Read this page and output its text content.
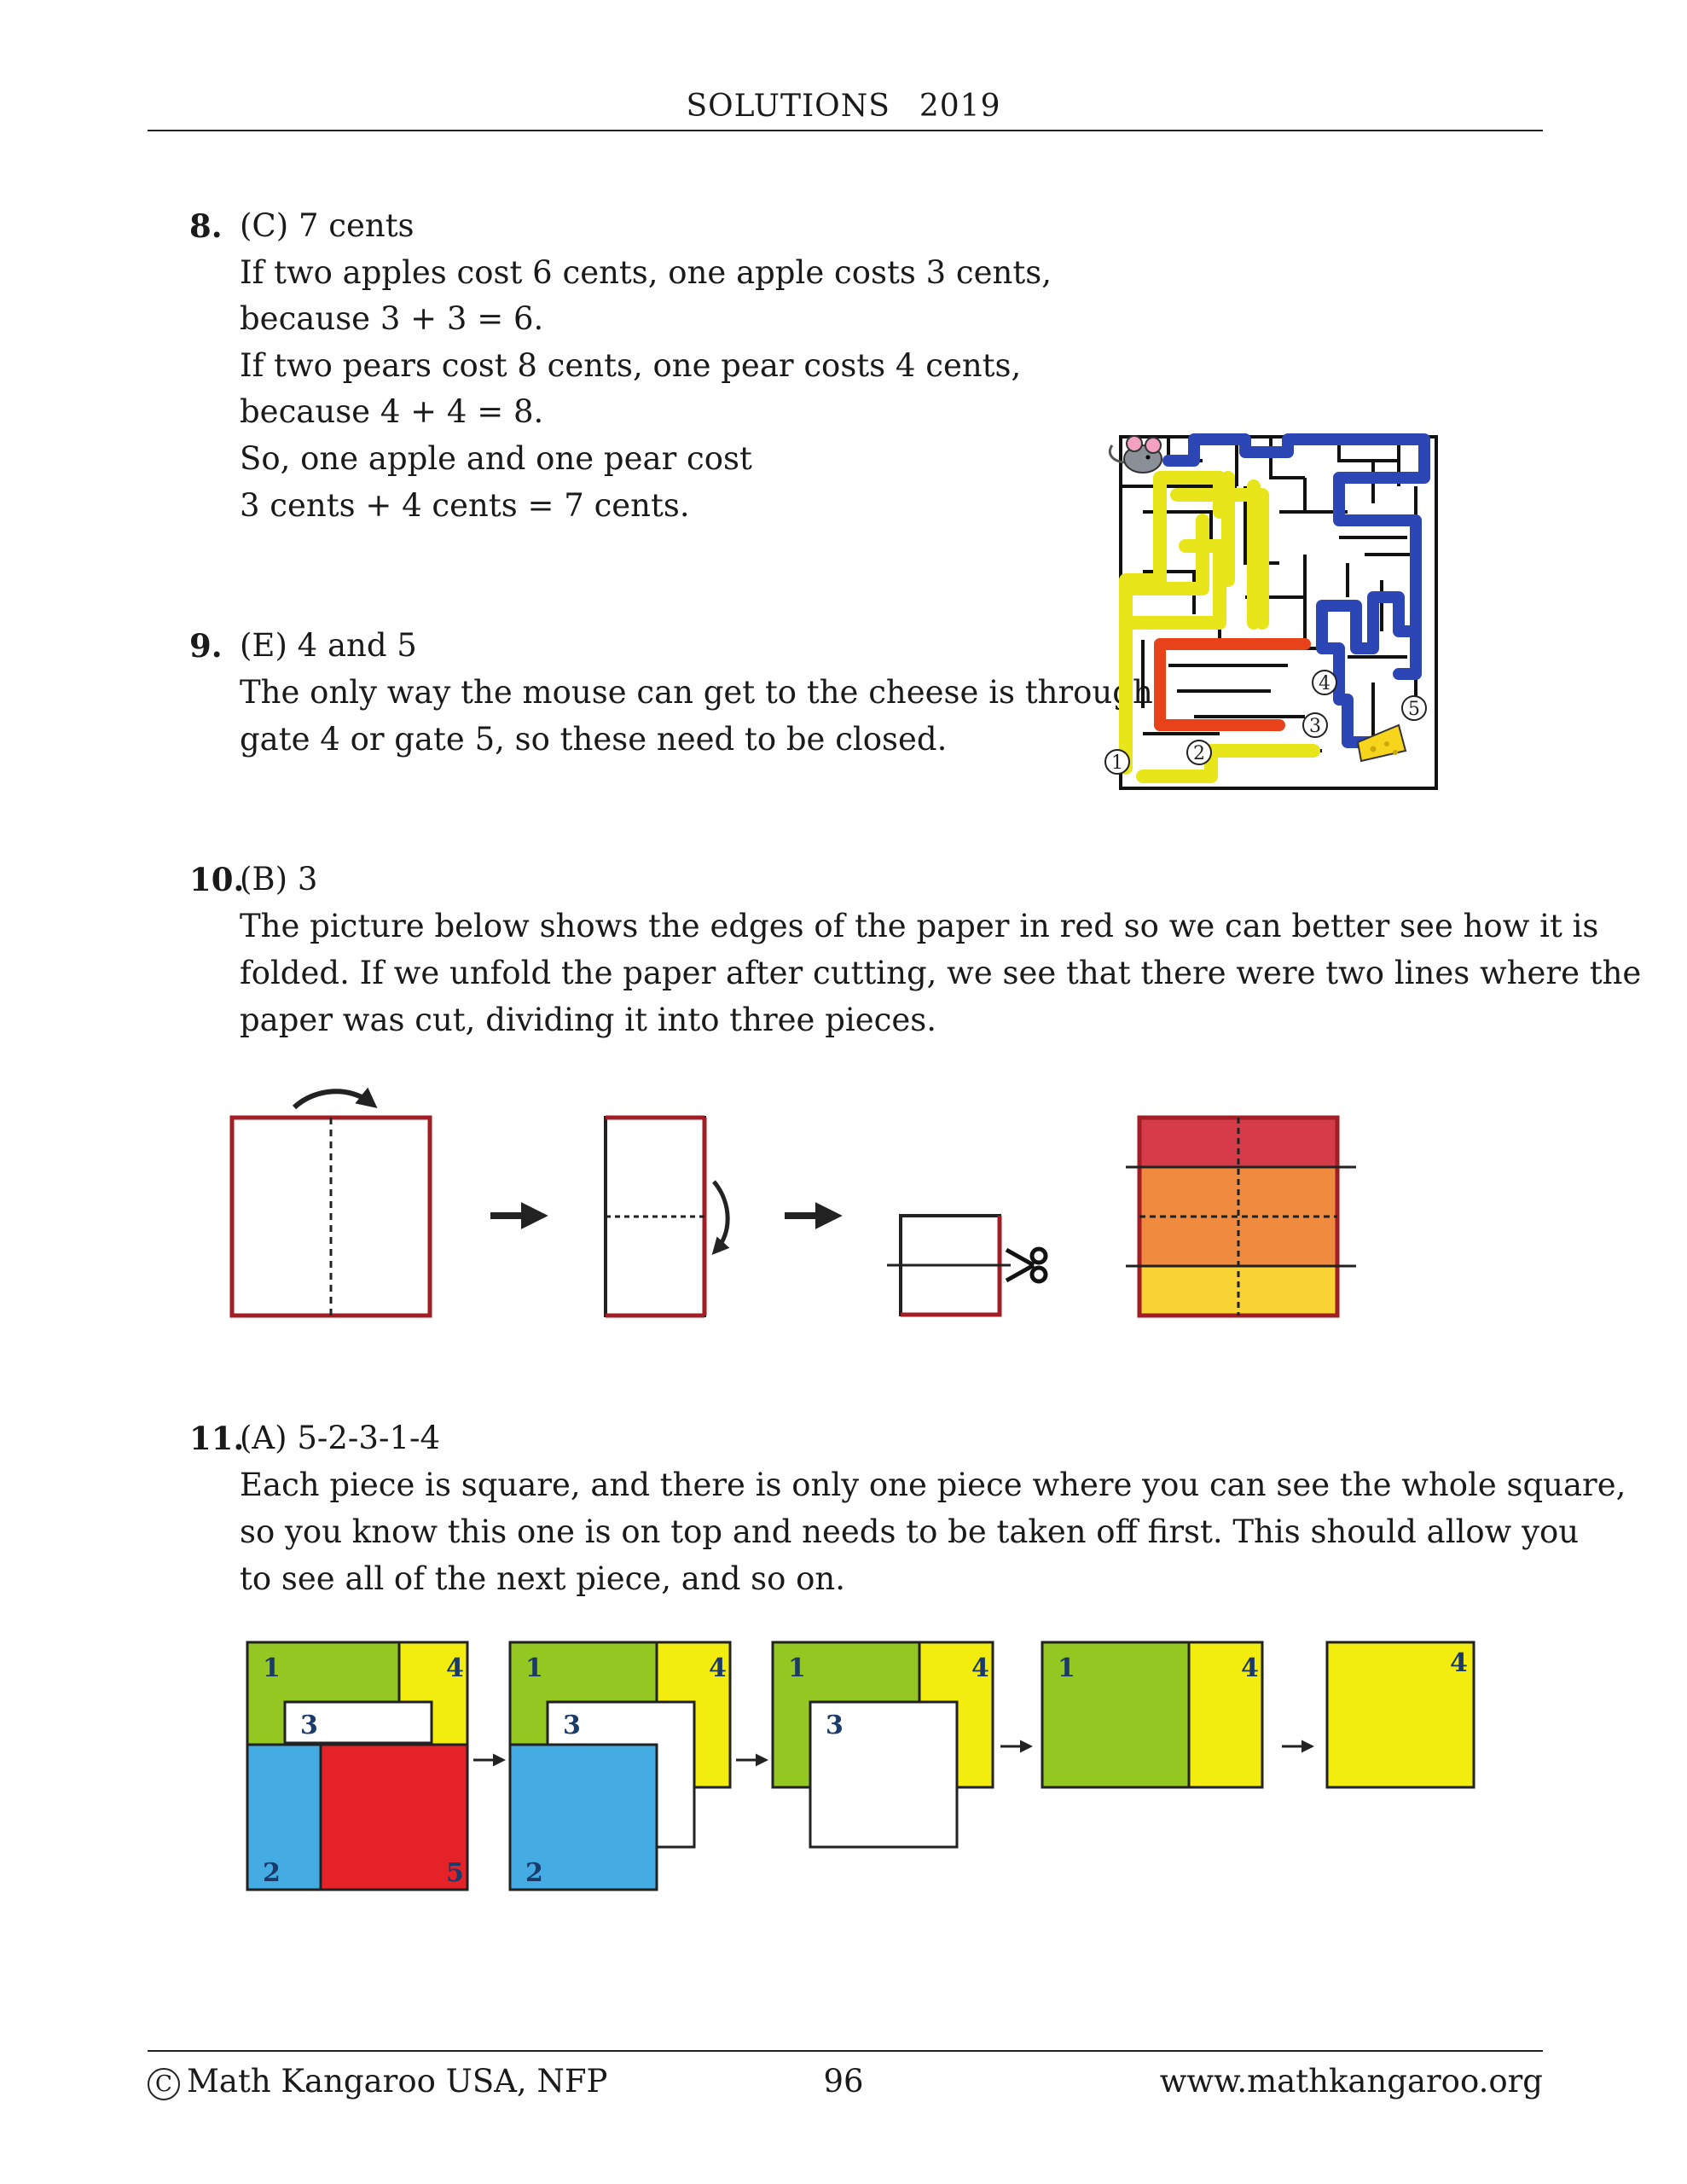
SOLUTIONS 2019
8. (C) 7 cents
If two apples cost 6 cents, one apple costs 3 cents,
because 3 + 3 = 6.
If two pears cost 8 cents, one pear costs 4 cents,
because 4 + 4 = 8.
So, one apple and one pear cost
3 cents + 4 cents = 7 cents.
9. (E) 4 and 5
The only way the mouse can get to the cheese is through
gate 4 or gate 5, so these need to be closed.
1	2
3
4
5
10.
(B) 3
The picture below shows the edges of the paper in red so we can better see how it is
folded. If we unfold the paper after cutting, we see that there were two lines where the
paper was cut, dividing it into three pieces.
11.
(A) 5-2-3-1-4
Each piece is square, and there is only one piece where you can see the whole square,
so you know this one is on top and needs to be taken off first. This should allow you
to see all of the next piece, and so on.
1	4
3
2	5
1	4
3
2
1	4
3
1	4	4
C Math Kangaroo USA, NFP	96	www.mathkangaroo.org
